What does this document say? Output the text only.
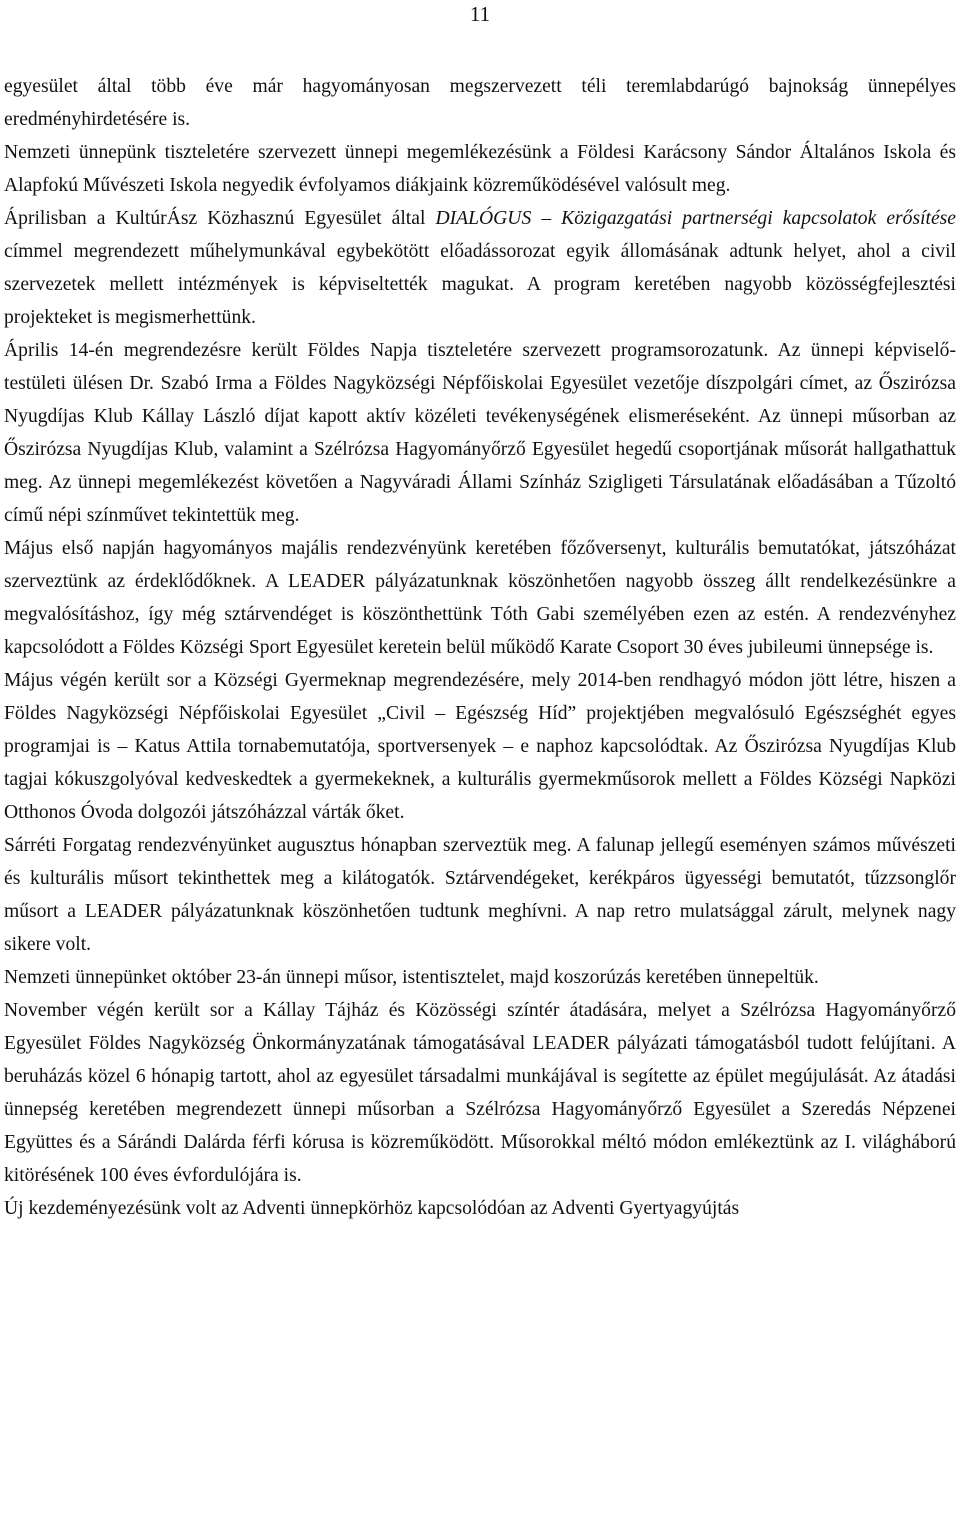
11

egyesület által több éve már hagyományosan megszervezett téli teremlabdarúgó bajnokság ünnepélyes eredményhirdetésére is.

Nemzeti ünnepünk tiszteletére szervezett ünnepi megemlékezésünk a Földesi Karácsony Sándor Általános Iskola és Alapfokú Művészeti Iskola negyedik évfolyamos diákjaink közreműködésével valósult meg.

Áprilisban a KultúrÁsz Közhasznú Egyesület által DIALÓGUS – Közigazgatási partnerségi kapcsolatok erősítése címmel megrendezett műhelymunkával egybekötött előadássorozat egyik állomásának adtunk helyet, ahol a civil szervezetek mellett intézmények is képviseltették magukat. A program keretében nagyobb közösségfejlesztési projekteket is megismerhettünk.

Április 14-én megrendezésre került Földes Napja tiszteletére szervezett programsorozatunk. Az ünnepi képviselő-testületi ülésen Dr. Szabó Irma a Földes Nagyközségi Népfőiskolai Egyesület vezetője díszpolgári címet, az Őszirózsa Nyugdíjas Klub Kállay László díjat kapott aktív közéleti tevékenységének elismeréseként. Az ünnepi műsorban az Őszirózsa Nyugdíjas Klub, valamint a Szélrózsa Hagyományőrző Egyesület hegedű csoportjának műsorát hallgathattuk meg. Az ünnepi megemlékezést követően a Nagyváradi Állami Színház Szigligeti Társulatának előadásában a Tűzoltó című népi színművet tekintettük meg.

Május első napján hagyományos majális rendezvényünk keretében főzőversenyt, kulturális bemutatókat, játszóházat szerveztünk az érdeklődőknek. A LEADER pályázatunknak köszönhetően nagyobb összeg állt rendelkezésünkre a megvalósításhoz, így még sztárvendéget is köszönthettünk Tóth Gabi személyében ezen az estén. A rendezvényhez kapcsolódott a Földes Községi Sport Egyesület keretein belül működő Karate Csoport 30 éves jubileumi ünnepsége is.

Május végén került sor a Községi Gyermeknap megrendezésére, mely 2014-ben rendhagyó módon jött létre, hiszen a Földes Nagyközségi Népfőiskolai Egyesület „Civil – Egészség Híd” projektjében megvalósuló Egészséghét egyes programjai is – Katus Attila tornabemutatója, sportversenyek – e naphoz kapcsolódtak. Az Őszirózsa Nyugdíjas Klub tagjai kókuszgolyóval kedveskedtek a gyermekeknek, a kulturális gyermekműsorok mellett a Földes Községi Napközi Otthonos Óvoda dolgozói játszóházzal várták őket.

Sárréti Forgatag rendezvényünket augusztus hónapban szerveztük meg. A falunap jellegű eseményen számos művészeti és kulturális műsort tekinthettek meg a kilátogatók. Sztárvendégeket, kerékpáros ügyességi bemutatót, tűzzsonglőr műsort a LEADER pályázatunknak köszönhetően tudtunk meghívni. A nap retro mulatsággal zárult, melynek nagy sikere volt.

Nemzeti ünnepünket október 23-án ünnepi műsor, istentisztelet, majd koszorúzás keretében ünnepeltük.

November végén került sor a Kállay Tájház és Közösségi színtér átadására, melyet a Szélrózsa Hagyományőrző Egyesület Földes Nagyközség Önkormányzatának támogatásával LEADER pályázati támogatásból tudott felújítani. A beruházás közel 6 hónapig tartott, ahol az egyesület társadalmi munkájával is segítette az épület megújulását. Az átadási ünnepség keretében megrendezett ünnepi műsorban a Szélrózsa Hagyományőrző Egyesület a Szeredás Népzenei Együttes és a Sárándi Dalárda férfi kórusa is közreműködött. Műsorokkal méltó módon emlékeztünk az I. világháború kitörésének 100 éves évfordulójára is.

Új kezdeményezésünk volt az Adventi ünnepkörhöz kapcsolódóan az Adventi Gyertyagyújtás
